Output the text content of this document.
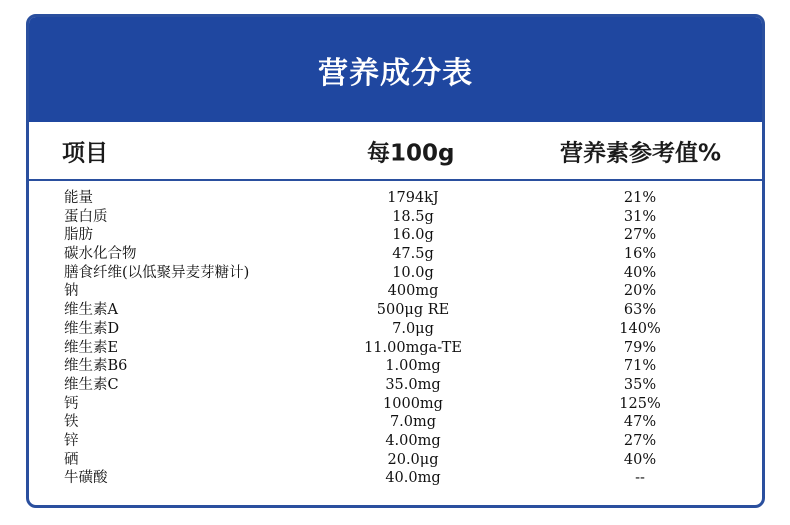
营养成分表
项目	每100g	营养素参考值%
能量	1794kJ	21%
蛋白质	18.5g	31%
脂肪	16.0g	27%
碳水化合物	47.5g	16%
膳食纤维(以低聚异麦芽糖计)	10.0g	40%
钠	400mg	20%
维生素A	500μg RE	63%
维生素D	7.0μg	140%
维生素E	11.00mga-TE	79%
维生素B6	1.00mg	71%
维生素C	35.0mg	35%
钙	1000mg	125%
铁	7.0mg	47%
锌	4.00mg	27%
硒	20.0μg	40%
牛磺酸	40.0mg	--
